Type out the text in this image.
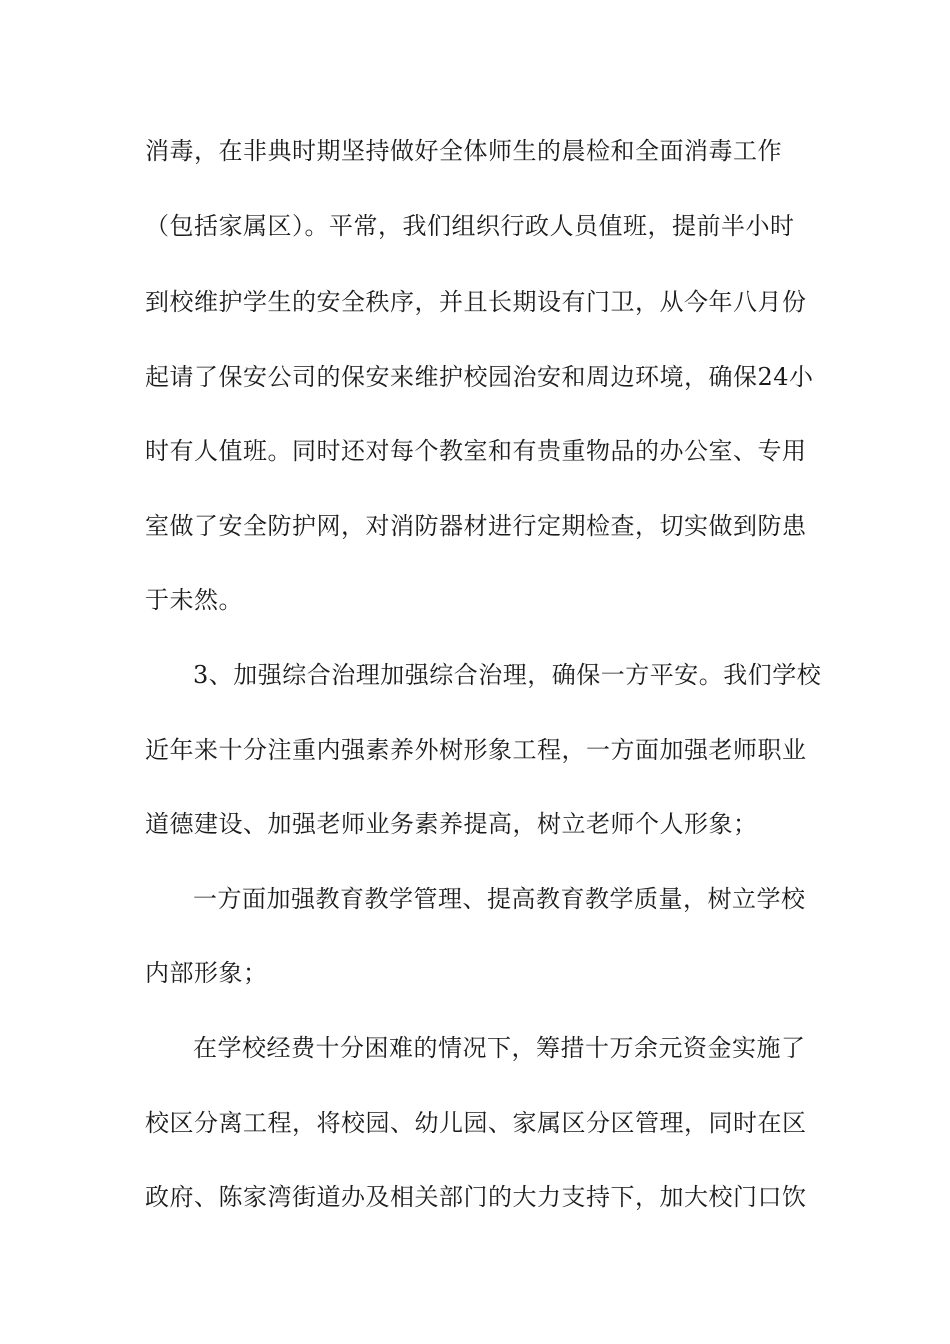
消毒，在非典时期坚持做好全体师生的晨检和全面消毒工作
（包括家属区）。平常，我们组织行政人员值班，提前半小时
到校维护学生的安全秩序，并且长期设有门卫，从今年八月份
起请了保安公司的保安来维护校园治安和周边环境，确保24小
时有人值班。同时还对每个教室和有贵重物品的办公室、专用
室做了安全防护网，对消防器材进行定期检查，切实做到防患
于未然。
3、加强综合治理加强综合治理，确保一方平安。我们学校
近年来十分注重内强素养外树形象工程，一方面加强老师职业
道德建设、加强老师业务素养提高，树立老师个人形象；
一方面加强教育教学管理、提高教育教学质量，树立学校
内部形象；
在学校经费十分困难的情况下，筹措十万余元资金实施了
校区分离工程，将校园、幼儿园、家属区分区管理，同时在区
政府、陈家湾街道办及相关部门的大力支持下，加大校门口饮
